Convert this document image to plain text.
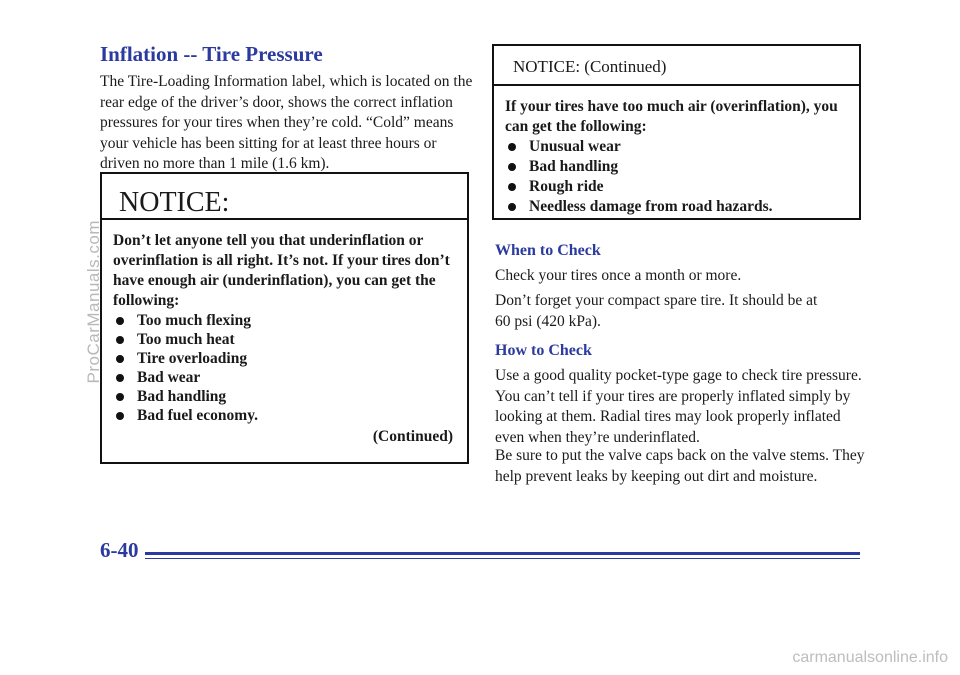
Inflation -- Tire Pressure

The Tire-Loading Information label, which is located on the rear edge of the driver’s door, shows the correct inflation pressures for your tires when they’re cold. “Cold” means your vehicle has been sitting for at least three hours or driven no more than 1 mile (1.6 km).

NOTICE:
Don’t let anyone tell you that underinflation or overinflation is all right. It’s not. If your tires don’t have enough air (underinflation), you can get the following:
Too much flexing
Too much heat
Tire overloading
Bad wear
Bad handling
Bad fuel economy.
(Continued)
NOTICE: (Continued)
If your tires have too much air (overinflation), you can get the following:
Unusual wear
Bad handling
Rough ride
Needless damage from road hazards.
When to Check

Check your tires once a month or more.

Don’t forget your compact spare tire. It should be at 60 psi (420 kPa).

How to Check

Use a good quality pocket-type gage to check tire pressure. You can’t tell if your tires are properly inflated simply by looking at them. Radial tires may look properly inflated even when they’re underinflated.

Be sure to put the valve caps back on the valve stems. They help prevent leaks by keeping out dirt and moisture.

6-40

ProCarManuals.com
carmanualsonline.info
